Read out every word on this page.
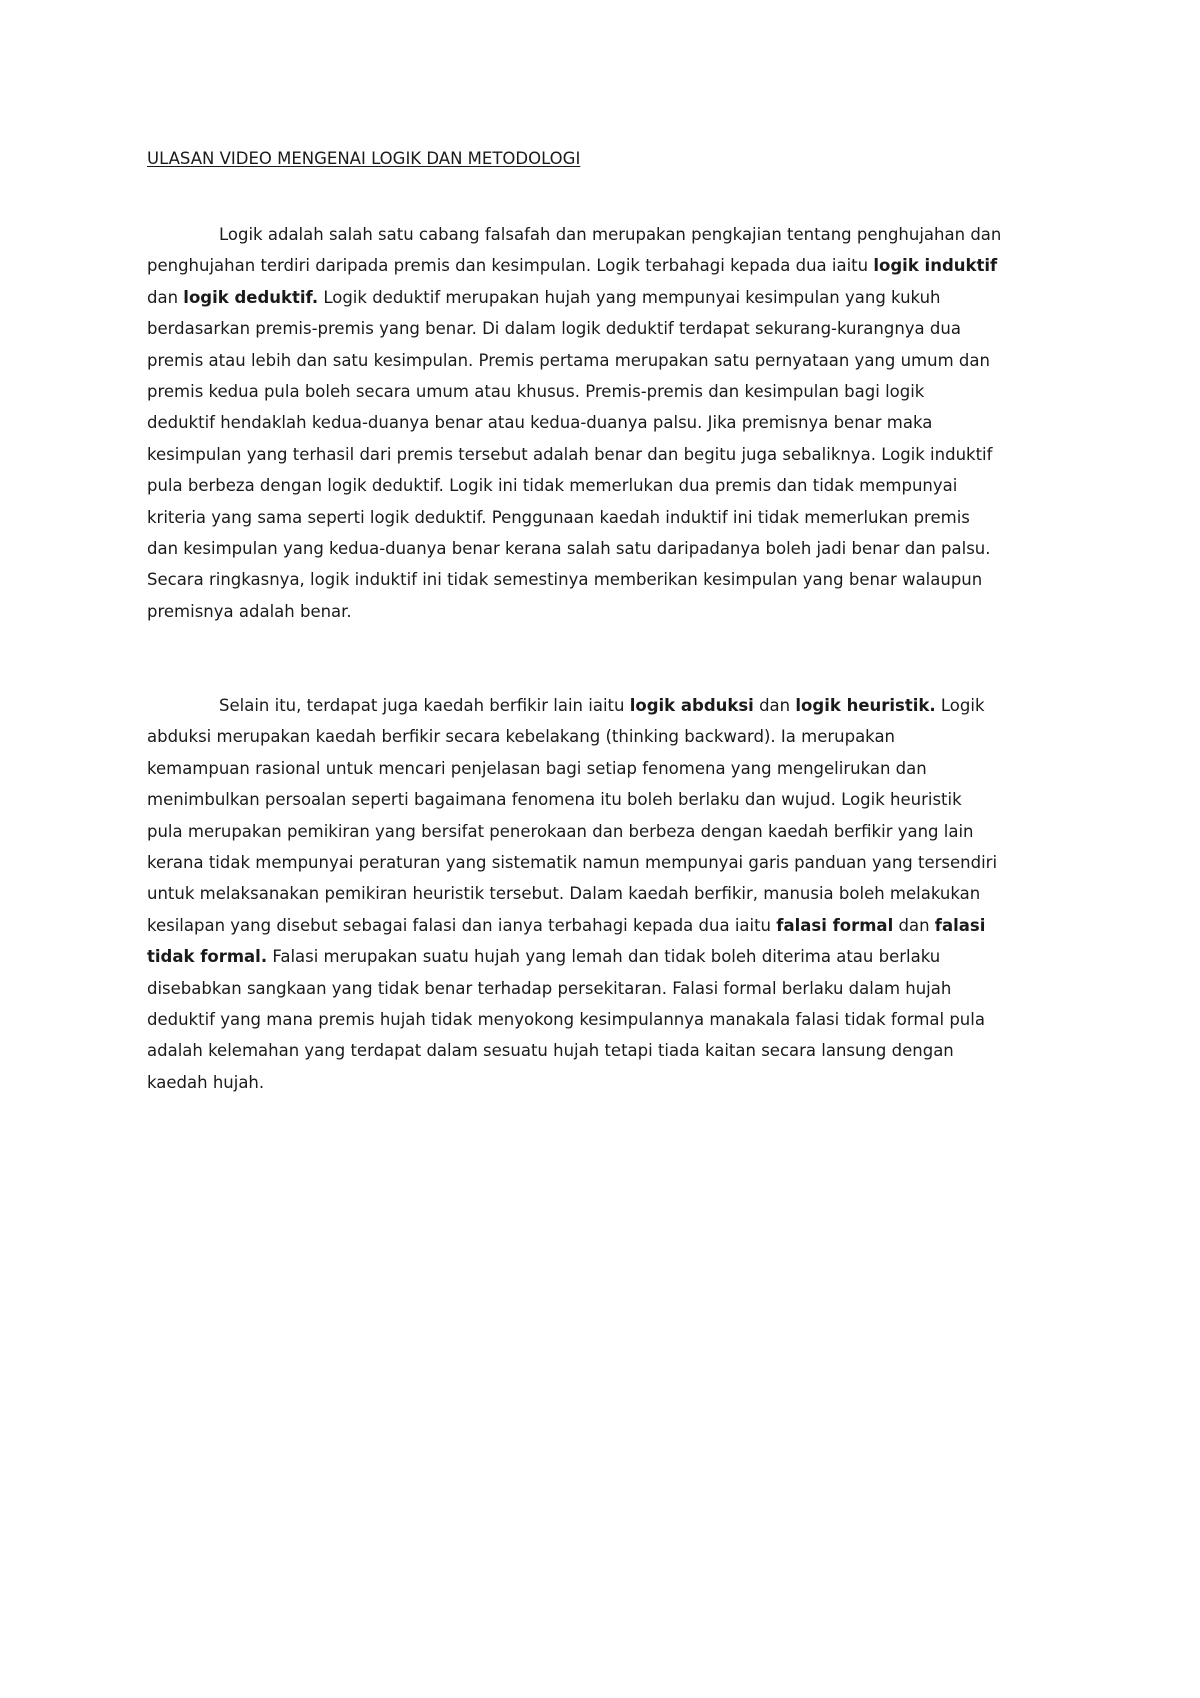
ULASAN VIDEO MENGENAI LOGIK DAN METODOLOGI
Logik adalah salah satu cabang falsafah dan merupakan pengkajian tentang penghujahan dan
penghujahan terdiri daripada premis dan kesimpulan. Logik terbahagi kepada dua iaitu logik induktif
dan logik deduktif. Logik deduktif merupakan hujah yang mempunyai kesimpulan yang kukuh
berdasarkan premis-premis yang benar. Di dalam logik deduktif terdapat sekurang-kurangnya dua
premis atau lebih dan satu kesimpulan. Premis pertama merupakan satu pernyataan yang umum dan
premis kedua pula boleh secara umum atau khusus. Premis-premis dan kesimpulan bagi logik
deduktif hendaklah kedua-duanya benar atau kedua-duanya palsu. Jika premisnya benar maka
kesimpulan yang terhasil dari premis tersebut adalah benar dan begitu juga sebaliknya. Logik induktif
pula berbeza dengan logik deduktif. Logik ini tidak memerlukan dua premis dan tidak mempunyai
kriteria yang sama seperti logik deduktif. Penggunaan kaedah induktif ini tidak memerlukan premis
dan kesimpulan yang kedua-duanya benar kerana salah satu daripadanya boleh jadi benar dan palsu.
Secara ringkasnya, logik induktif ini tidak semestinya memberikan kesimpulan yang benar walaupun
premisnya adalah benar.
Selain itu, terdapat juga kaedah berfikir lain iaitu logik abduksi dan logik heuristik. Logik
abduksi merupakan kaedah berfikir secara kebelakang (thinking backward). Ia merupakan
kemampuan rasional untuk mencari penjelasan bagi setiap fenomena yang mengelirukan dan
menimbulkan persoalan seperti bagaimana fenomena itu boleh berlaku dan wujud. Logik heuristik
pula merupakan pemikiran yang bersifat penerokaan dan berbeza dengan kaedah berfikir yang lain
kerana tidak mempunyai peraturan yang sistematik namun mempunyai garis panduan yang tersendiri
untuk melaksanakan pemikiran heuristik tersebut. Dalam kaedah berfikir, manusia boleh melakukan
kesilapan yang disebut sebagai falasi dan ianya terbahagi kepada dua iaitu falasi formal dan falasi
tidak formal. Falasi merupakan suatu hujah yang lemah dan tidak boleh diterima atau berlaku
disebabkan sangkaan yang tidak benar terhadap persekitaran. Falasi formal berlaku dalam hujah
deduktif yang mana premis hujah tidak menyokong kesimpulannya manakala falasi tidak formal pula
adalah kelemahan yang terdapat dalam sesuatu hujah tetapi tiada kaitan secara lansung dengan
kaedah hujah.
